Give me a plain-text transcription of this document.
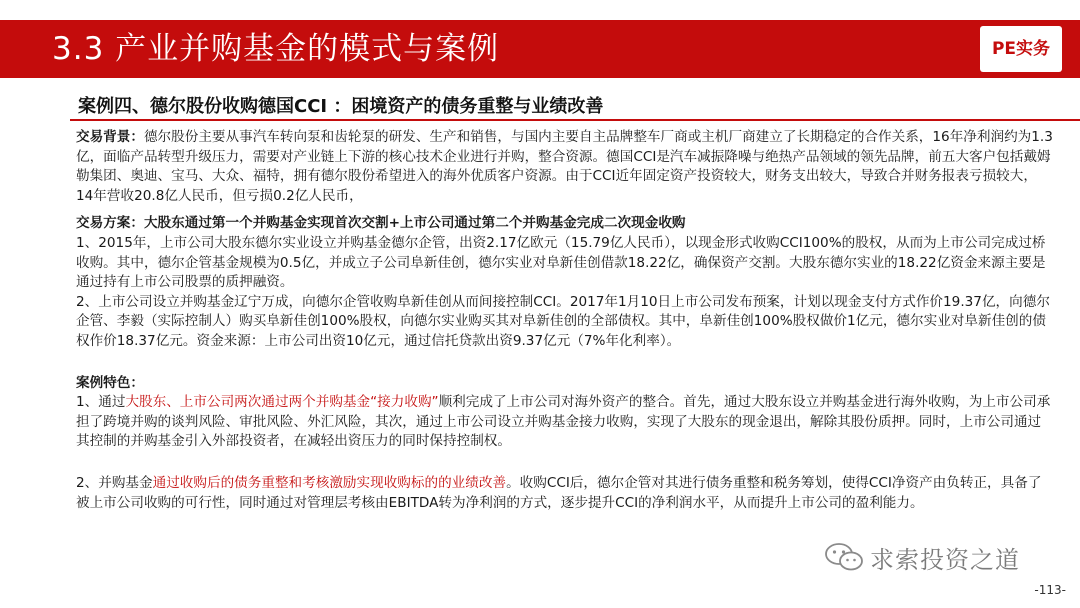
3.3 产业并购基金的模式与案例	PE实务
案例四、德尔股份收购德国CCI ：困境资产的债务重整与业绩改善

交易背景：德尔股份主要从事汽车转向泵和齿轮泵的研发、生产和销售，与国内主要自主品牌整车厂商或主机厂商建立了长期稳定的合作关系，16年净利润约为1.3亿，面临产品转型升级压力，需要对产业链上下游的核心技术企业进行并购，整合资源。德国CCI是汽车减振降噪与绝热产品领域的领先品牌，前五大客户包括戴姆勒集团、奥迪、宝马、大众、福特，拥有德尔股份希望进入的海外优质客户资源。由于CCI近年固定资产投资较大，财务支出较大，导致合并财务报表亏损较大，14年营收20.8亿人民币，但亏损0.2亿人民币，

交易方案：大股东通过第一个并购基金实现首次交割+上市公司通过第二个并购基金完成二次现金收购

1、2015年，上市公司大股东德尔实业设立并购基金德尔企管，出资2.17亿欧元（15.79亿人民币），以现金形式收购CCI100%的股权，从而为上市公司完成过桥收购。其中，德尔企管基金规模为0.5亿，并成立子公司阜新佳创，德尔实业对阜新佳创借款18.22亿，确保资产交割。大股东德尔实业的18.22亿资金来源主要是通过持有上市公司股票的质押融资。

2、上市公司设立并购基金辽宁万成，向德尔企管收购阜新佳创从而间接控制CCI。2017年1月10日上市公司发布预案，计划以现金支付方式作价19.37亿，向德尔企管、李毅（实际控制人）购买阜新佳创100%股权，向德尔实业购买其对阜新佳创的全部债权。其中，阜新佳创100%股权做价1亿元，德尔实业对阜新佳创的债权作价18.37亿元。资金来源：上市公司出资10亿元，通过信托贷款出资9.37亿元（7%年化利率）。

案例特色：

1、通过大股东、上市公司两次通过两个并购基金“接力收购”顺利完成了上市公司对海外资产的整合。首先，通过大股东设立并购基金进行海外收购，为上市公司承担了跨境并购的谈判风险、审批风险、外汇风险，其次，通过上市公司设立并购基金接力收购，实现了大股东的现金退出，解除其股份质押。同时，上市公司通过其控制的并购基金引入外部投资者，在减轻出资压力的同时保持控制权。

2、并购基金通过收购后的债务重整和考核激励实现收购标的的业绩改善。收购CCI后，德尔企管对其进行债务重整和税务筹划，使得CCI净资产由负转正，具备了被上市公司收购的可行性，同时通过对管理层考核由EBITDA转为净利润的方式，逐步提升CCI的净利润水平，从而提升上市公司的盈利能力。

求索投资之道
-113-
